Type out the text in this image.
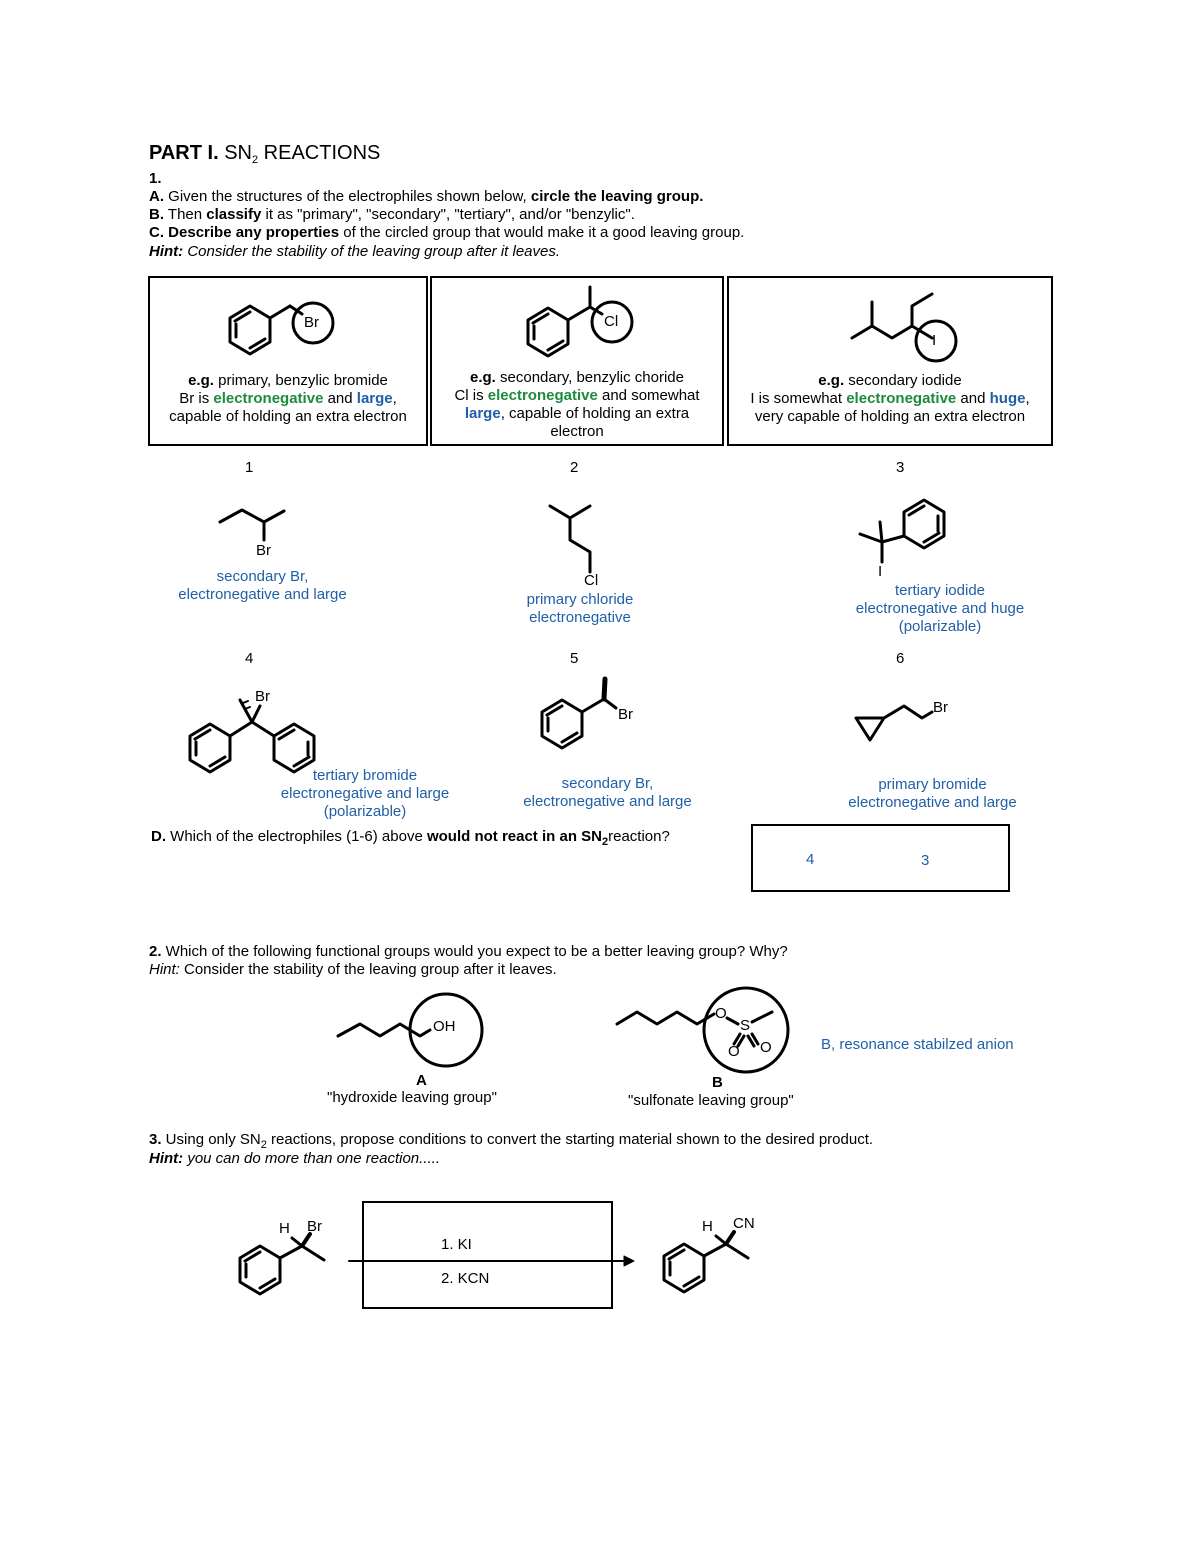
PART I. $SN_2$ REACTIONS
1.
A. Given the structures of the electrophiles shown below, circle the leaving group.
B. Then classify it as "primary", "secondary", "tertiary", and/or "benzylic".
C. Describe any properties of the circled group that would make it a good leaving group.
Hint: Consider the stability of the leaving group after it leaves.
Br	Cl
I
e.g. primary, benzylic bromide
Br is electronegative and large,
capable of holding an extra electron
e.g. secondary, benzylic choride
Cl is electronegative and somewhat
large, capable of holding an extra
electron
e.g. secondary iodide
I is somewhat electronegative and huge,
very capable of holding an extra electron
1	2	3
4	5	6
Br
secondary Br,
electronegative and large
Cl
primary chloride
electronegative
I
tertiary iodide
electronegative and huge
(polarizable)
Br
tertiary bromide
electronegative and large
(polarizable)
Br
secondary Br,
electronegative and large
Br
primary bromide
electronegative and large
D. Which of the electrophiles (1-6) above would not react in an $SN_2reaction$?
4	3
2. Which of the following functional groups would you expect to be a better leaving group? Why?
Hint: Consider the stability of the leaving group after it leaves.
OH
A
"hydroxide leaving group"
O
S
O O
B
"sulfonate leaving group"
B, resonance stabilzed anion
3. Using only $SN_2$ reactions, propose conditions to convert the starting material shown to the desired product.
Hint: you can do more than one reaction.....
H Br
1. KI
2. KCN
H CN
